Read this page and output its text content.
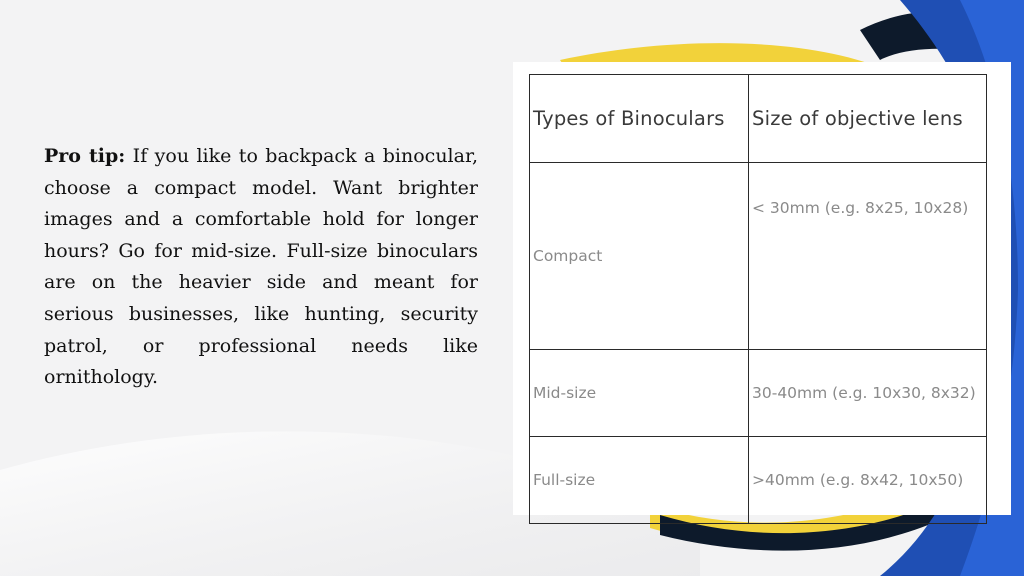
Pro tip: If you like to backpack a binocular, choose a compact model. Want brighter images and a comfortable hold for longer hours? Go for mid-size. Full-size binoculars are on the heavier side and meant for serious businesses, like hunting, security patrol, or professional needs like ornithology.
Types of Binoculars	Size of objective lens
Compact	< 30mm (e.g. 8x25, 10x28)
Mid-size	30-40mm (e.g. 10x30, 8x32)
Full-size	>40mm (e.g. 8x42, 10x50)
